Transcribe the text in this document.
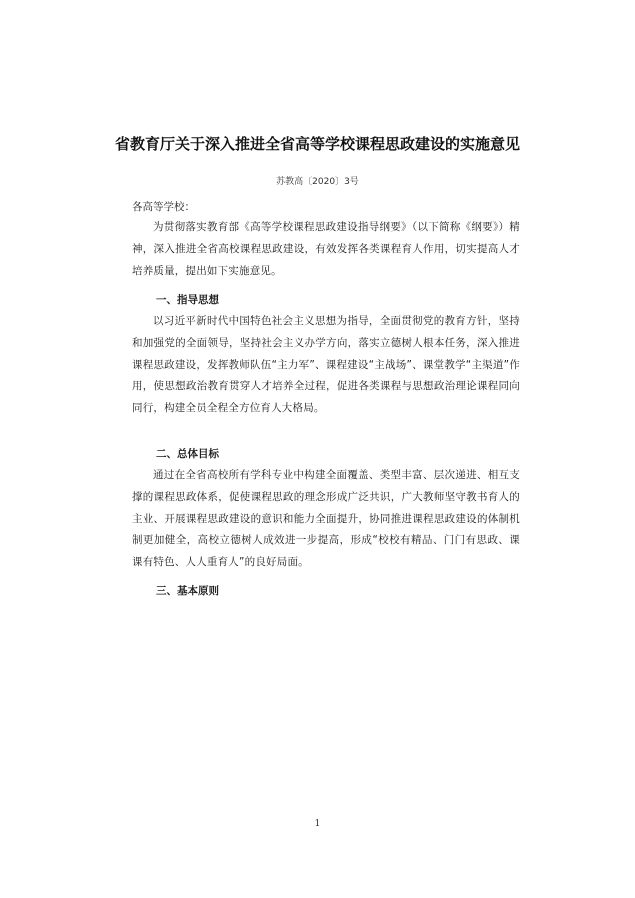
省教育厅关于深入推进全省高等学校课程思政建设的实施意见
苏教高〔2020〕3号
各高等学校：

为贯彻落实教育部《高等学校课程思政建设指导纲要》（以下简称《纲要》）精神，深入推进全省高校课程思政建设，有效发挥各类课程育人作用，切实提高人才培养质量，提出如下实施意见。

一、指导思想

以习近平新时代中国特色社会主义思想为指导，全面贯彻党的教育方针，坚持和加强党的全面领导，坚持社会主义办学方向，落实立德树人根本任务，深入推进课程思政建设，发挥教师队伍“主力军”、课程建设“主战场”、课堂教学“主渠道”作用，使思想政治教育贯穿人才培养全过程，促进各类课程与思想政治理论课程同向同行，构建全员全程全方位育人大格局。

二、总体目标

通过在全省高校所有学科专业中构建全面覆盖、类型丰富、层次递进、相互支撑的课程思政体系，促使课程思政的理念形成广泛共识，广大教师坚守教书育人的主业、开展课程思政建设的意识和能力全面提升，协同推进课程思政建设的体制机制更加健全，高校立德树人成效进一步提高，形成“校校有精品、门门有思政、课课有特色、人人重育人”的良好局面。

三、基本原则

1
